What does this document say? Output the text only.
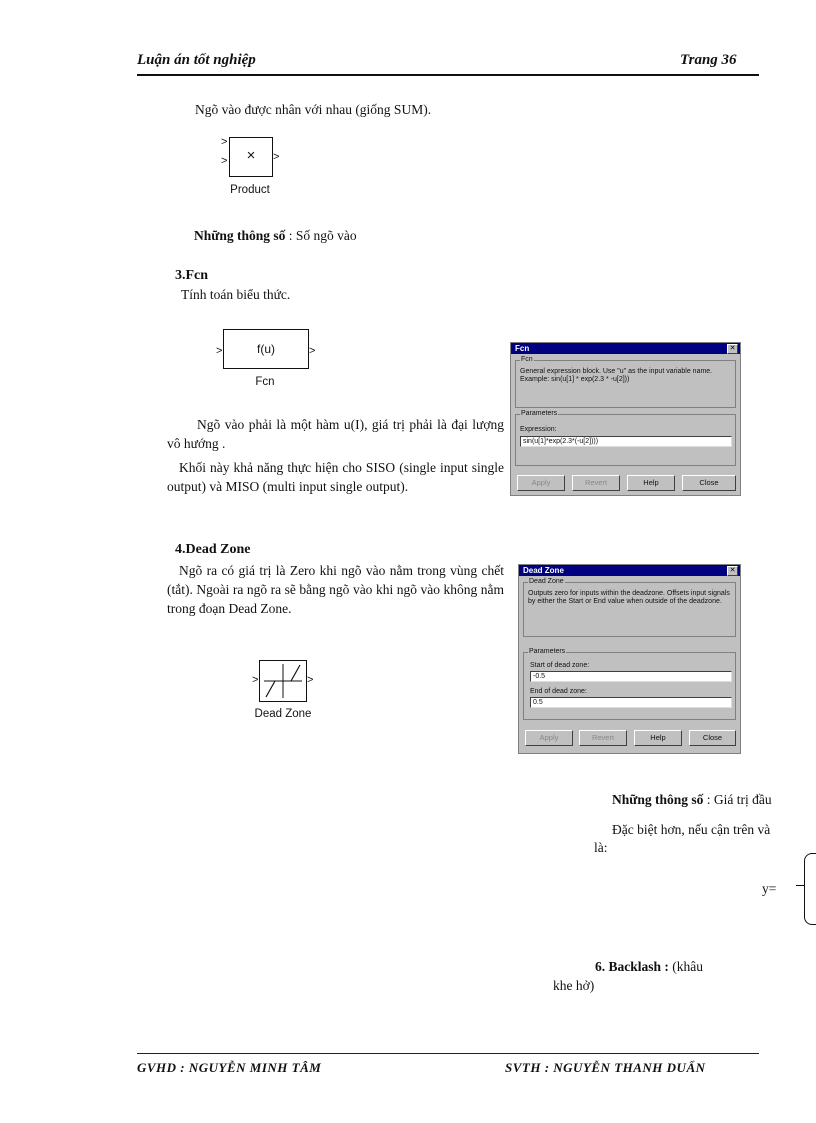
Luận án tốt nghiệp	Trang 36
Ngõ vào được nhân với nhau (giống SUM).
>
>	×	>
Product
Những thông số : Số ngõ vào
3.Fcn
Tính toán biểu thức.
>	f(u)	>
Fcn
Ngõ vào phải là một hàm u(I), giá trị phải là đại lượng vô hướng .
Khối này khả năng thực hiện cho SISO (single input single output) và MISO (multi input single output).
Fcn	✕
Fcn
General expression block. Use "u" as the input variable name.
Example: sin(u[1] * exp(2.3 * -u[2]))
Parameters
Expression:
sin(u[1]*exp(2.3*(-u[2])))
Apply	Revert	Help	Close
4.Dead Zone
Ngõ ra có giá trị là Zero khi ngõ vào nằm trong vùng chết (tắt). Ngoài ra ngõ ra sẽ bằng ngõ vào khi ngõ vào không nằm trong đoạn Dead Zone.
>	>
Dead Zone
Dead Zone	✕
Dead Zone
Outputs zero for inputs within the deadzone. Offsets input signals by either the Start or End value when outside of the deadzone.
Parameters
Start of dead zone:
-0.5
End of dead zone:
0.5
Apply	Revert	Help	Close
Những thông số : Giá trị đầu
Đặc biệt hơn, nếu cận trên và
là:
y=
6. Backlash : (khâu
khe hở)
GVHD : NGUYỄN MINH TÂM	SVTH : NGUYỄN THANH DUẨN
